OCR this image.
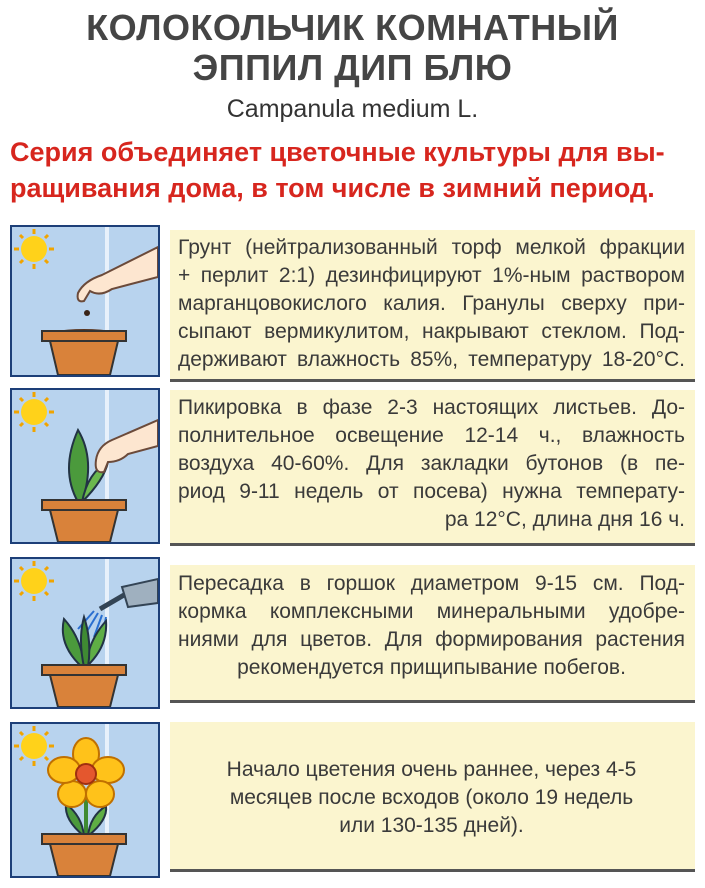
КОЛОКОЛЬЧИК КОМНАТНЫЙ
ЭППИЛ ДИП БЛЮ
Campanula medium L.
Серия объединяет цветочные культуры для вы-
ращивания дома, в том числе в зимний период.
Грунт (нейтрализованный торф мелкой фракции
+ перлит 2:1) дезинфицируют 1%-ным раствором
марганцовокислого калия. Гранулы сверху при-
сыпают вермикулитом, накрывают стеклом. Под-
держивают влажность 85%, температуру 18-20°C.
Пикировка в фазе 2-3 настоящих листьев. До-
полнительное освещение 12-14 ч., влажность
воздуха 40-60%. Для закладки бутонов (в пе-
риод 9-11 недель от посева) нужна температу-
ра 12°C, длина дня 16 ч.
Пересадка в горшок диаметром 9-15 см. Под-
кормка комплексными минеральными удобре-
ниями для цветов. Для формирования растения
рекомендуется прищипывание побегов.
Начало цветения очень раннее, через 4-5
месяцев после всходов (около 19 недель
или 130-135 дней).
